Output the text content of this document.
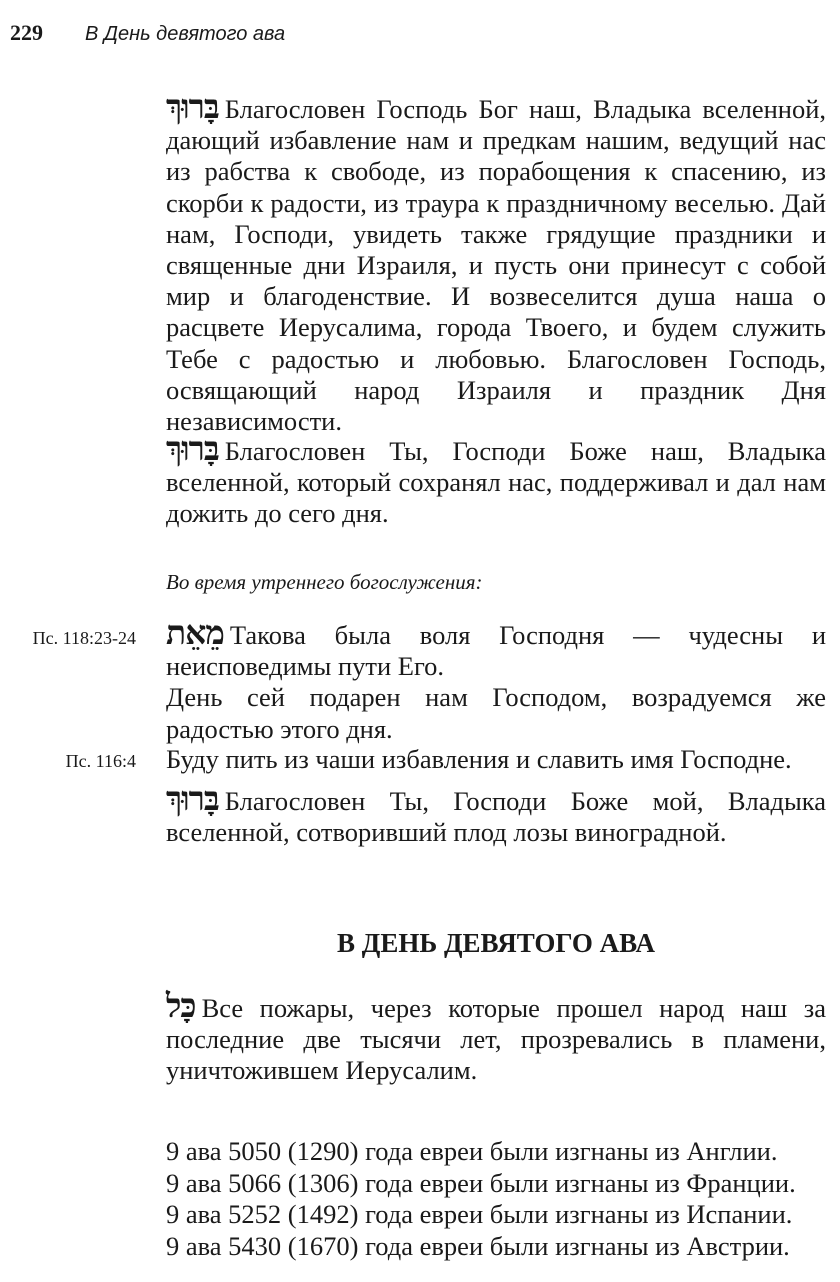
229 В День девятого ава

בָּרוּךְ Благословен Господь Бог наш, Владыка вселенной, дающий избавление нам и предкам нашим, ведущий нас из рабства к свободе, из порабощения к спасению, из скорби к радости, из траура к праздничному веселью. Дай нам, Господи, увидеть также грядущие праздники и священные дни Израиля, и пусть они принесут с собой мир и благоденствие. И возвеселится душа наша о расцвете Иерусалима, города Твоего, и будем служить Тебе с радостью и любовью. Благословен Господь, освящающий народ Израиля и праздник Дня независимости.

בָּרוּךְ Благословен Ты, Господи Боже наш, Владыка вселенной, который сохранял нас, поддерживал и дал нам дожить до сего дня.

Во время утреннего богослужения:
Пс. 118:23-24 מֵאֵת Такова была воля Господня — чудесны и неисповедимы пути Его.

День сей подарен нам Господом, возрадуемся же радостью этого дня.

Пс. 116:4 Буду пить из чаши избавления и славить имя Господне.

בָּרוּךְ Благословен Ты, Господи Боже мой, Владыка вселенной, сотворивший плод лозы виноградной.

В ДЕНЬ ДЕВЯТОГО АВА

כָּל Все пожары, через которые прошел народ наш за последние две тысячи лет, прозревались в пламени, уничтожившем Иерусалим.

9 ава 5050 (1290) года евреи были изгнаны из Англии.
9 ава 5066 (1306) года евреи были изгнаны из Франции.
9 ава 5252 (1492) года евреи были изгнаны из Испании.
9 ава 5430 (1670) года евреи были изгнаны из Австрии.
